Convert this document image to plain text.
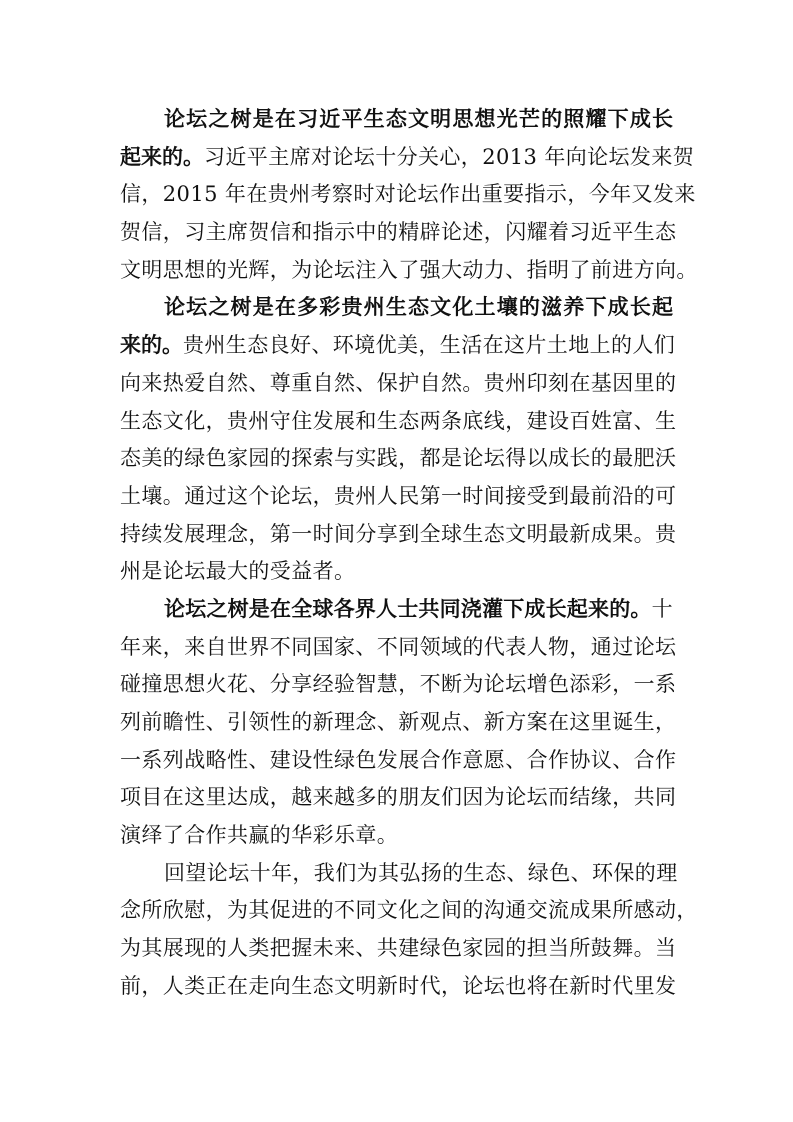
论坛之树是在习近平生态文明思想光芒的照耀下成长
起来的。习近平主席对论坛十分关心，2013 年向论坛发来贺
信，2015 年在贵州考察时对论坛作出重要指示，今年又发来
贺信，习主席贺信和指示中的精辟论述，闪耀着习近平生态
文明思想的光辉，为论坛注入了强大动力、指明了前进方向。
论坛之树是在多彩贵州生态文化土壤的滋养下成长起
来的。贵州生态良好、环境优美，生活在这片土地上的人们
向来热爱自然、尊重自然、保护自然。贵州印刻在基因里的
生态文化，贵州守住发展和生态两条底线，建设百姓富、生
态美的绿色家园的探索与实践，都是论坛得以成长的最肥沃
土壤。通过这个论坛，贵州人民第一时间接受到最前沿的可
持续发展理念，第一时间分享到全球生态文明最新成果。贵
州是论坛最大的受益者。
论坛之树是在全球各界人士共同浇灌下成长起来的。十
年来，来自世界不同国家、不同领域的代表人物，通过论坛
碰撞思想火花、分享经验智慧，不断为论坛增色添彩，一系
列前瞻性、引领性的新理念、新观点、新方案在这里诞生，
一系列战略性、建设性绿色发展合作意愿、合作协议、合作
项目在这里达成，越来越多的朋友们因为论坛而结缘，共同
演绎了合作共赢的华彩乐章。
回望论坛十年，我们为其弘扬的生态、绿色、环保的理
念所欣慰，为其促进的不同文化之间的沟通交流成果所感动，
为其展现的人类把握未来、共建绿色家园的担当所鼓舞。当
前，人类正在走向生态文明新时代，论坛也将在新时代里发
